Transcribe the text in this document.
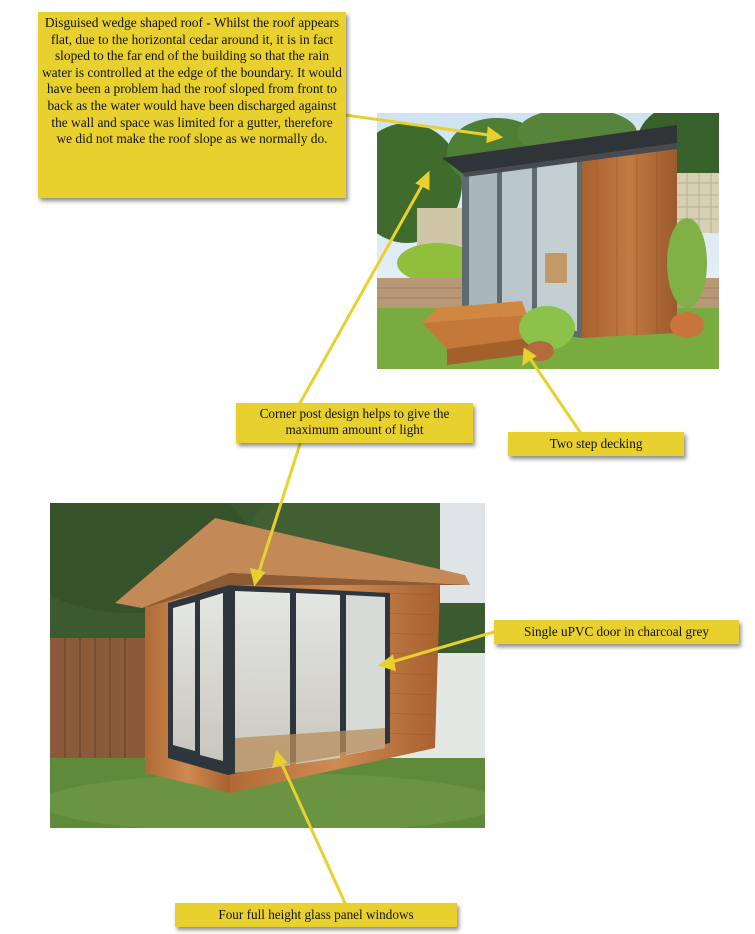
Disguised wedge shaped roof - Whilst the roof appears flat, due to the horizontal cedar around it, it is in fact sloped to the far end of the building so that the rain water is controlled at the edge of the boundary. It would have been a problem had the roof sloped from front to back as the water would have been discharged against the wall and space was limited for a gutter, therefore we did not make the roof slope as we normally do.
Corner post design helps to give the maximum amount of light
Two step decking
Single uPVC door in charcoal grey
Four full height glass panel windows
